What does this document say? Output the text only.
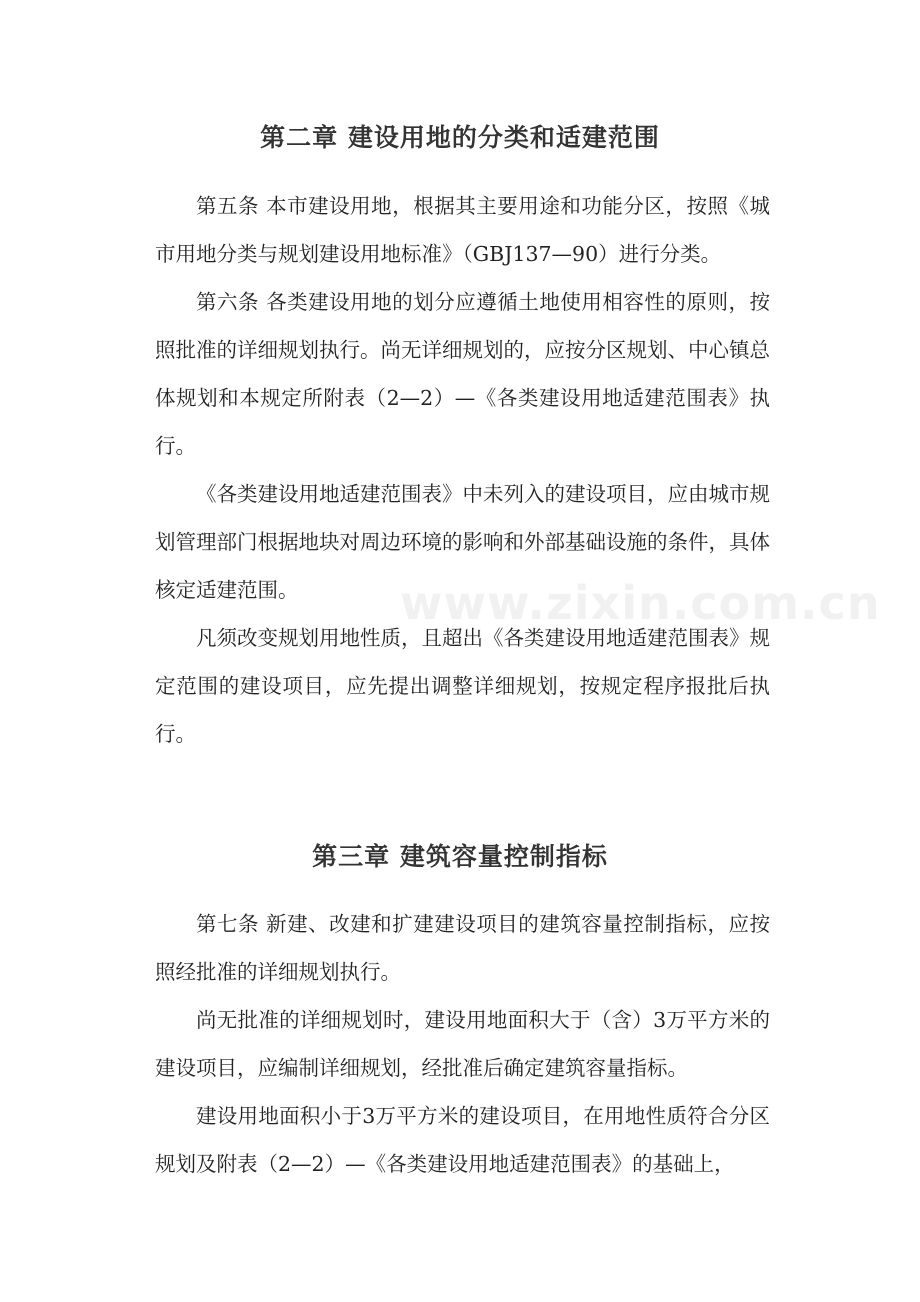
第二章 建设用地的分类和适建范围

第五条 本市建设用地，根据其主要用途和功能分区，按照《城市用地分类与规划建设用地标准》（GBJ137—90）进行分类。

第六条 各类建设用地的划分应遵循土地使用相容性的原则，按照批准的详细规划执行。尚无详细规划的，应按分区规划、中心镇总体规划和本规定所附表（2—2）—《各类建设用地适建范围表》执行。

《各类建设用地适建范围表》中未列入的建设项目，应由城市规划管理部门根据地块对周边环境的影响和外部基础设施的条件，具体核定适建范围。

凡须改变规划用地性质，且超出《各类建设用地适建范围表》规定范围的建设项目，应先提出调整详细规划，按规定程序报批后执行。

第三章 建筑容量控制指标

第七条 新建、改建和扩建建设项目的建筑容量控制指标，应按照经批准的详细规划执行。

尚无批准的详细规划时，建设用地面积大于（含）3万平方米的建设项目，应编制详细规划，经批准后确定建筑容量指标。

建设用地面积小于3万平方米的建设项目，在用地性质符合分区规划及附表（2—2）—《各类建设用地适建范围表》的基础上，

www.zixin.com.cn
